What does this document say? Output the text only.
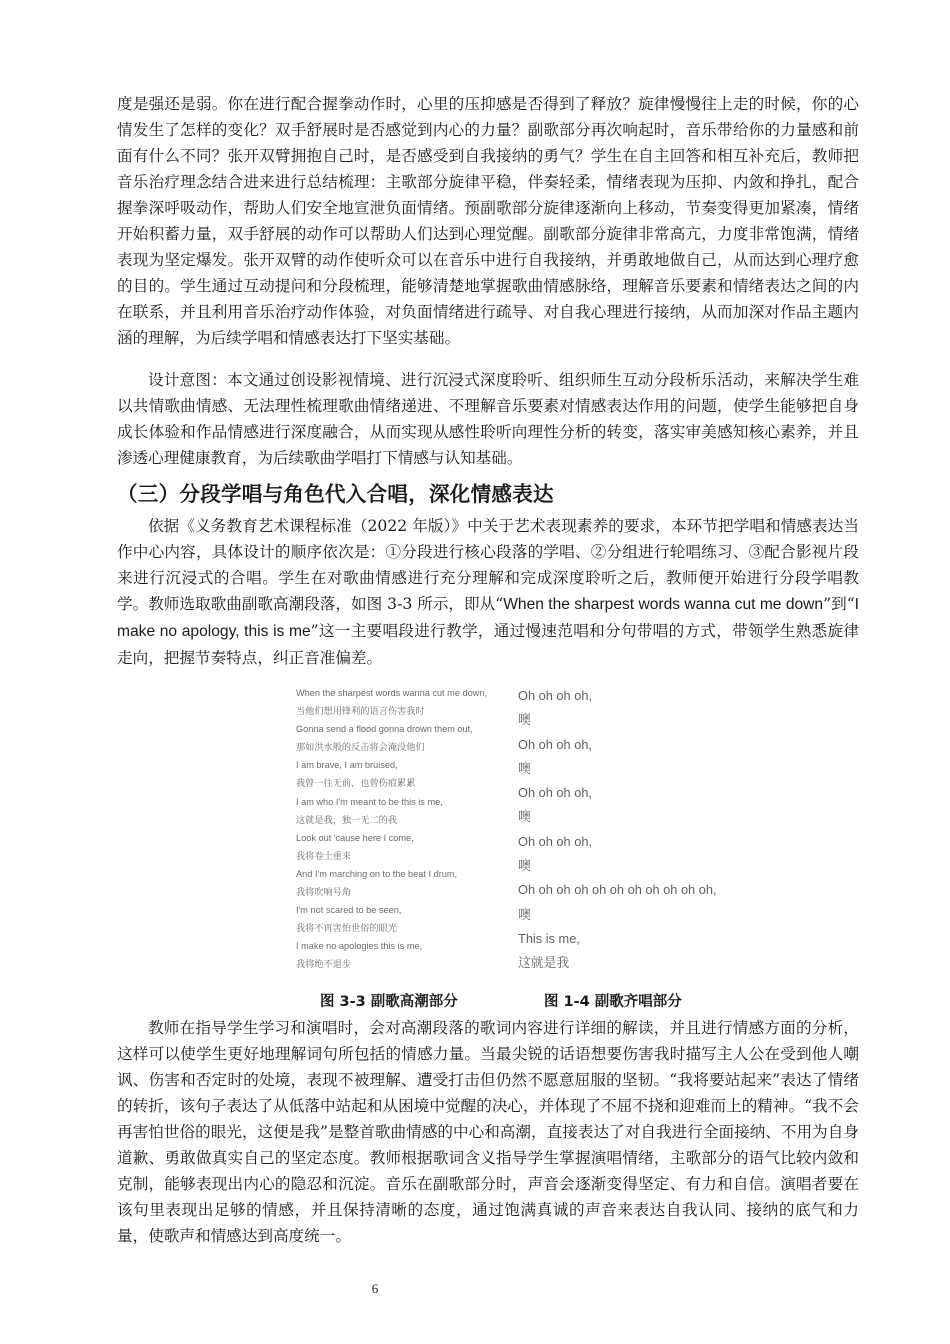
度是强还是弱。你在进行配合握拳动作时，心里的压抑感是否得到了释放？旋律慢慢往上走的时候，你的心情发生了怎样的变化？双手舒展时是否感觉到内心的力量？副歌部分再次响起时，音乐带给你的力量感和前面有什么不同？张开双臂拥抱自己时，是否感受到自我接纳的勇气？学生在自主回答和相互补充后，教师把音乐治疗理念结合进来进行总结梳理：主歌部分旋律平稳，伴奏轻柔，情绪表现为压抑、内敛和挣扎，配合握拳深呼吸动作，帮助人们安全地宣泄负面情绪。预副歌部分旋律逐渐向上移动，节奏变得更加紧凑，情绪开始积蓄力量，双手舒展的动作可以帮助人们达到心理觉醒。副歌部分旋律非常高亢，力度非常饱满，情绪表现为坚定爆发。张开双臂的动作使听众可以在音乐中进行自我接纳，并勇敢地做自己，从而达到心理疗愈的目的。学生通过互动提问和分段梳理，能够清楚地掌握歌曲情感脉络，理解音乐要素和情绪表达之间的内在联系，并且利用音乐治疗动作体验，对负面情绪进行疏导、对自我心理进行接纳，从而加深对作品主题内涵的理解，为后续学唱和情感表达打下坚实基础。

设计意图：本文通过创设影视情境、进行沉浸式深度聆听、组织师生互动分段析乐活动，来解决学生难以共情歌曲情感、无法理性梳理歌曲情绪递进、不理解音乐要素对情感表达作用的问题，使学生能够把自身成长体验和作品情感进行深度融合，从而实现从感性聆听向理性分析的转变，落实审美感知核心素养，并且渗透心理健康教育，为后续歌曲学唱打下情感与认知基础。

（三）分段学唱与角色代入合唱，深化情感表达

依据《义务教育艺术课程标准（2022 年版）》中关于艺术表现素养的要求，本环节把学唱和情感表达当作中心内容，具体设计的顺序依次是：①分段进行核心段落的学唱、②分组进行轮唱练习、③配合影视片段来进行沉浸式的合唱。学生在对歌曲情感进行充分理解和完成深度聆听之后，教师便开始进行分段学唱教学。教师选取歌曲副歌高潮段落，如图 3-3 所示，即从“When the sharpest words wanna cut me down”到“I make no apology, this is me”这一主要唱段进行教学，通过慢速范唱和分句带唱的方式，带领学生熟悉旋律走向，把握节奏特点，纠正音准偏差。

When the sharpest words wanna cut me down,
当他们想用锋利的语言伤害我时
Gonna send a flood gonna drown them out,
那如洪水般的反击将会淹没他们
I am brave, I am bruised,
我曾一往无前，也曾伤痕累累
I am who I'm meant to be this is me,
这就是我，独一无二的我
Look out 'cause here I come,
我将卷土重来
And I'm marching on to the beat I drum,
我将吹响号角
I'm not scared to be seen,
我将不再害怕世俗的眼光
I make no apologies this is me,
我将绝不退步
Oh oh oh oh,
噢
Oh oh oh oh,
噢
Oh oh oh oh,
噢
Oh oh oh oh,
噢
Oh oh oh oh oh oh oh oh oh oh oh,
噢
This is me,
这就是我
图 3-3 副歌高潮部分	图 1-4 副歌齐唱部分

教师在指导学生学习和演唱时，会对高潮段落的歌词内容进行详细的解读，并且进行情感方面的分析，这样可以使学生更好地理解词句所包括的情感力量。当最尖锐的话语想要伤害我时描写主人公在受到他人嘲讽、伤害和否定时的处境，表现不被理解、遭受打击但仍然不愿意屈服的坚韧。“我将要站起来”表达了情绪的转折，该句子表达了从低落中站起和从困境中觉醒的决心，并体现了不屈不挠和迎难而上的精神。“我不会再害怕世俗的眼光，这便是我”是整首歌曲情感的中心和高潮，直接表达了对自我进行全面接纳、不用为自身道歉、勇敢做真实自己的坚定态度。教师根据歌词含义指导学生掌握演唱情绪，主歌部分的语气比较内敛和克制，能够表现出内心的隐忍和沉淀。音乐在副歌部分时，声音会逐渐变得坚定、有力和自信。演唱者要在该句里表现出足够的情感，并且保持清晰的态度，通过饱满真诚的声音来表达自我认同、接纳的底气和力量，使歌声和情感达到高度统一。

6
